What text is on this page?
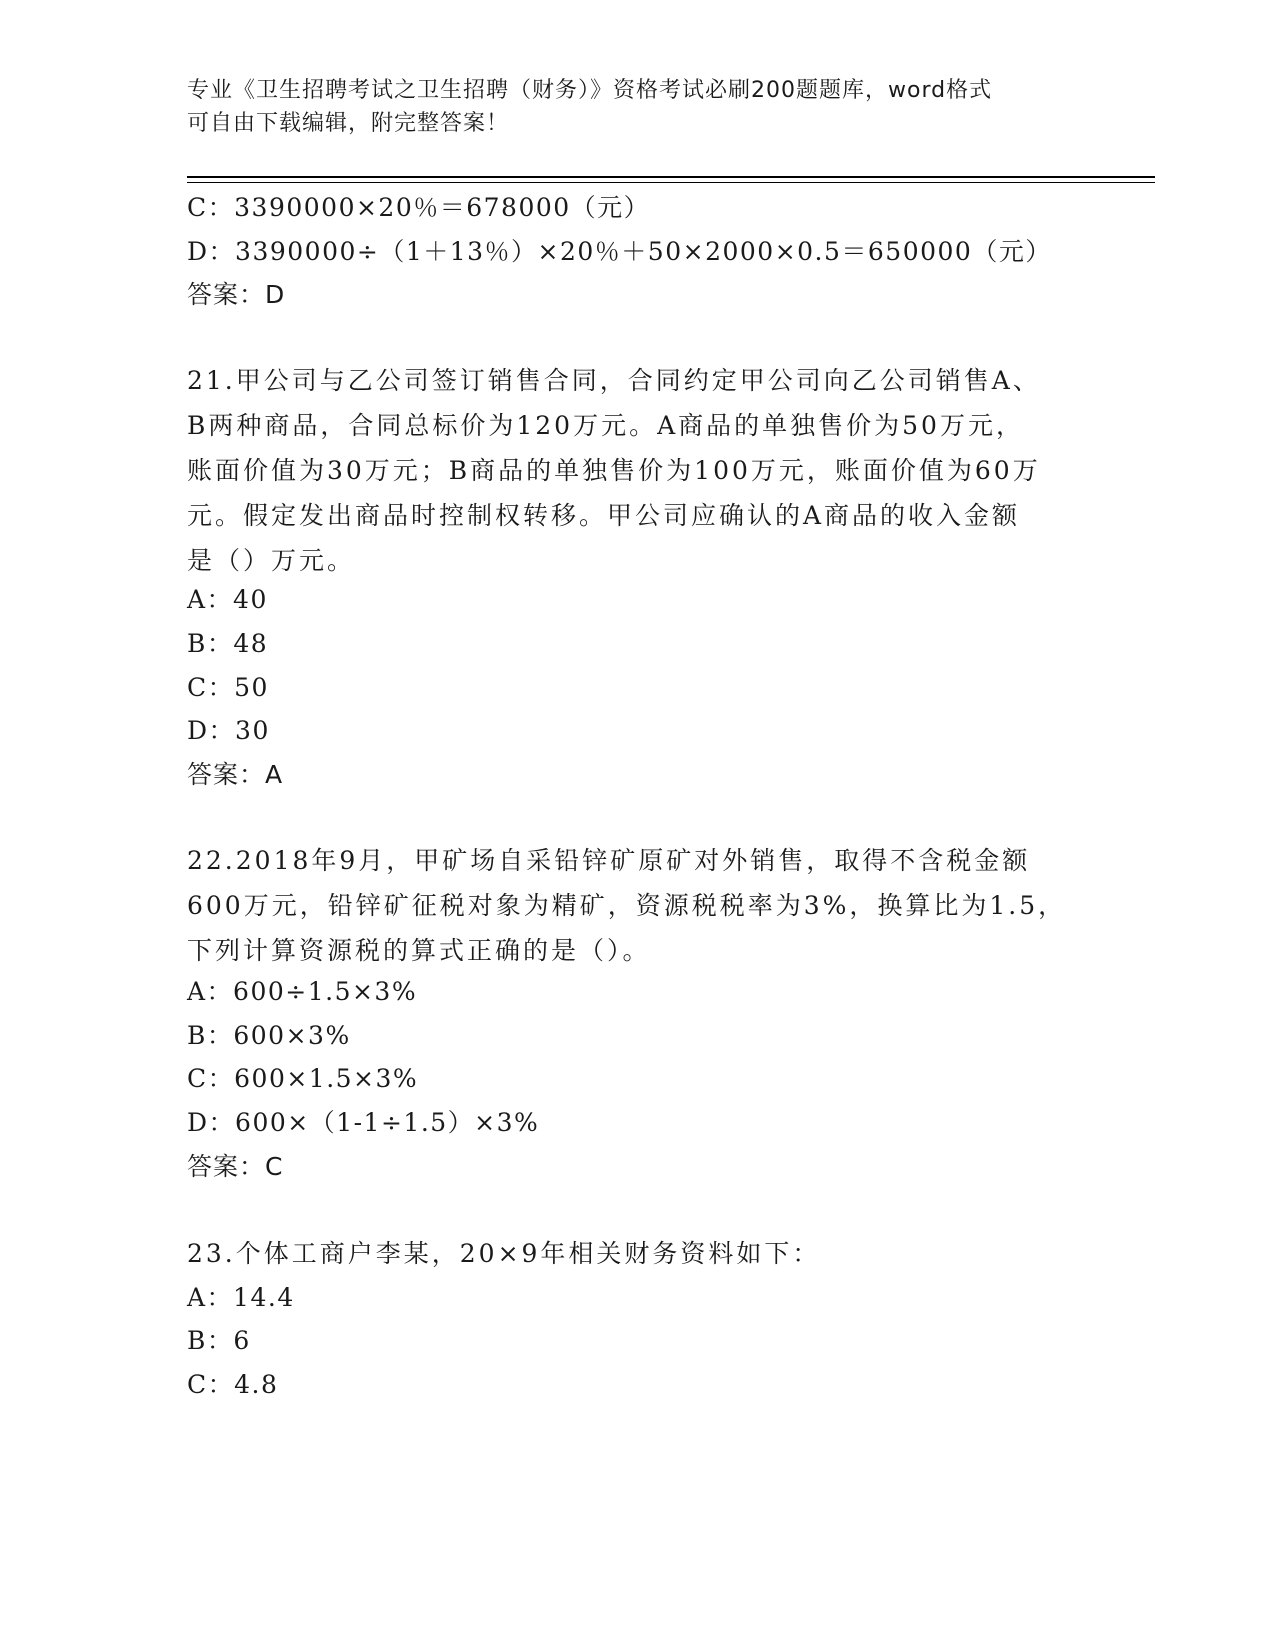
专业《卫生招聘考试之卫生招聘（财务）》资格考试必刷200题题库，word格式

可自由下载编辑，附完整答案！

C：3390000×20％＝678000（元）
D：3390000÷（1＋13％）×20％＋50×2000×0.5＝650000（元）
答案：D

21.甲公司与乙公司签订销售合同，合同约定甲公司向乙公司销售A、

B两种商品，合同总标价为120万元。A商品的单独售价为50万元，

账面价值为30万元；B商品的单独售价为100万元，账面价值为60万

元。假定发出商品时控制权转移。甲公司应确认的A商品的收入金额

是（）万元。

A：40
B：48
C：50
D：30
答案：A

22.2018年9月，甲矿场自采铅锌矿原矿对外销售，取得不含税金额

600万元，铅锌矿征税对象为精矿，资源税税率为3%，换算比为1.5，

下列计算资源税的算式正确的是（）。

A：600÷1.5×3%
B：600×3%
C：600×1.5×3%
D：600×（1-1÷1.5）×3%
答案：C
23.个体工商户李某，20×9年相关财务资料如下：
A：14.4
B：6
C：4.8
